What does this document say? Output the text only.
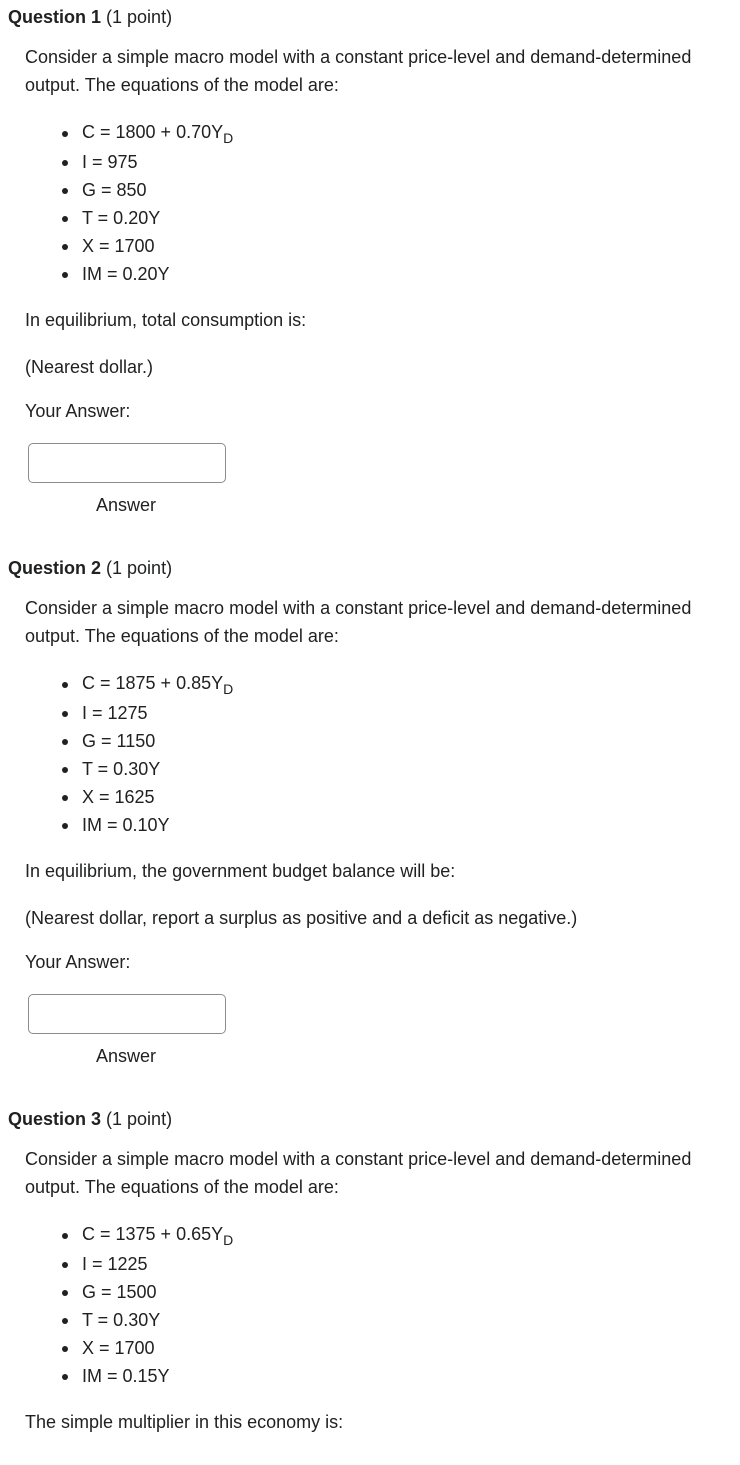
Question 1 (1 point)
Consider a simple macro model with a constant price-level and demand-determined output. The equations of the model are:
$C = 1800 + 0.70Y_D$
I = 975
G = 850
T = 0.20Y
X = 1700
IM = 0.20Y
In equilibrium, total consumption is:
(Nearest dollar.)
Your Answer:
Answer
Question 2 (1 point)
Consider a simple macro model with a constant price-level and demand-determined output. The equations of the model are:
$C = 1875 + 0.85Y_D$
I = 1275
G = 1150
T = 0.30Y
X = 1625
IM = 0.10Y
In equilibrium, the government budget balance will be:
(Nearest dollar, report a surplus as positive and a deficit as negative.)
Your Answer:
Answer
Question 3 (1 point)
Consider a simple macro model with a constant price-level and demand-determined output. The equations of the model are:
$C = 1375 + 0.65Y_D$
I = 1225
G = 1500
T = 0.30Y
X = 1700
IM = 0.15Y
The simple multiplier in this economy is:
